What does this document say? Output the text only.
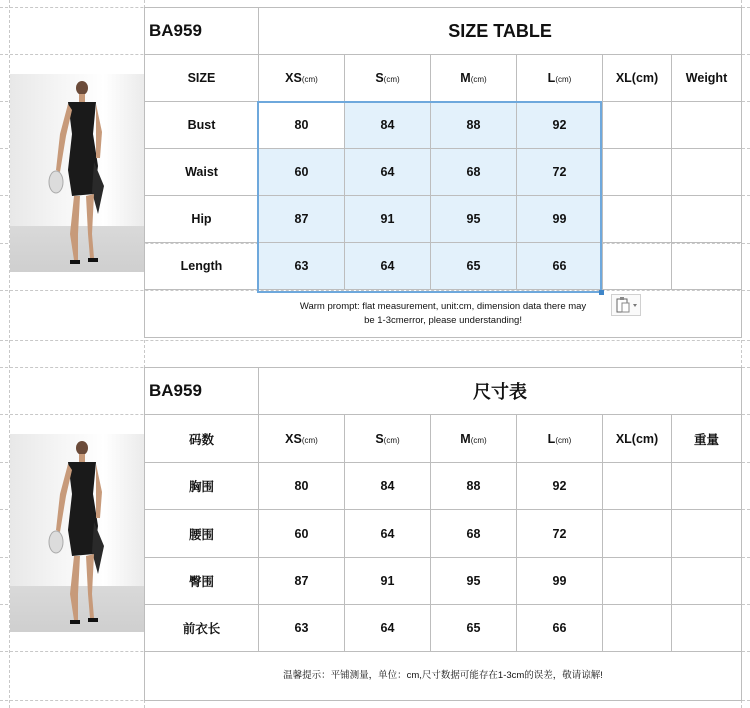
BA959	SIZE TABLE					
SIZE	XS(cm)	S(cm)	M(cm)	L(cm)	XL(cm)	Weight
Bust	80	84	88	92		
Waist	60	64	68	72		
Hip	87	91	95	99		
Length	63	64	65	66		

Warm prompt: flat measurement, unit:cm, dimension data there may
be 1-3cmerror, please understanding!						
BA959	尺寸表					
码数	XS(cm)	S(cm)	M(cm)	L(cm)	XL(cm)	重量
胸围	80	84	88	92		
腰围	60	64	68	72		
臀围	87	91	95	99		
前衣长	63	64	65	66		
温馨提示：平铺测量，单位：cm,尺寸数据可能存在1-3cm的误差，敬请谅解!						
